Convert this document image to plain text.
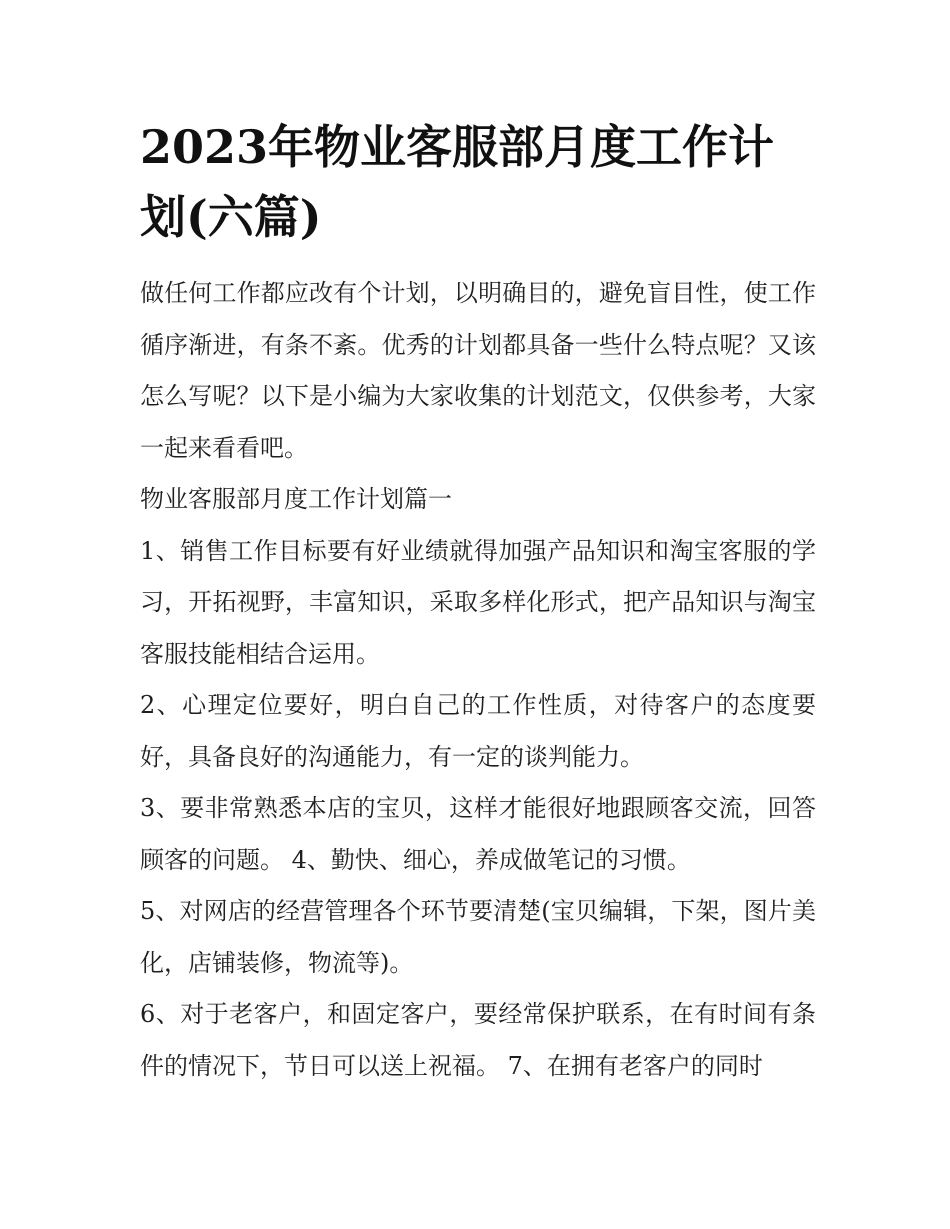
2023年物业客服部月度工作计划(六篇)

做任何工作都应改有个计划，以明确目的，避免盲目性，使工作循序渐进，有条不紊。优秀的计划都具备一些什么特点呢？又该怎么写呢？以下是小编为大家收集的计划范文，仅供参考，大家一起来看看吧。

物业客服部月度工作计划篇一

1、销售工作目标要有好业绩就得加强产品知识和淘宝客服的学习，开拓视野，丰富知识，采取多样化形式，把产品知识与淘宝客服技能相结合运用。

2、心理定位要好，明白自己的工作性质，对待客户的态度要好，具备良好的沟通能力，有一定的谈判能力。

3、要非常熟悉本店的宝贝，这样才能很好地跟顾客交流，回答顾客的问题。 4、勤快、细心，养成做笔记的习惯。

5、对网店的经营管理各个环节要清楚(宝贝编辑，下架，图片美化，店铺装修，物流等)。

6、对于老客户，和固定客户，要经常保护联系，在有时间有条件的情况下，节日可以送上祝福。 7、在拥有老客户的同时
